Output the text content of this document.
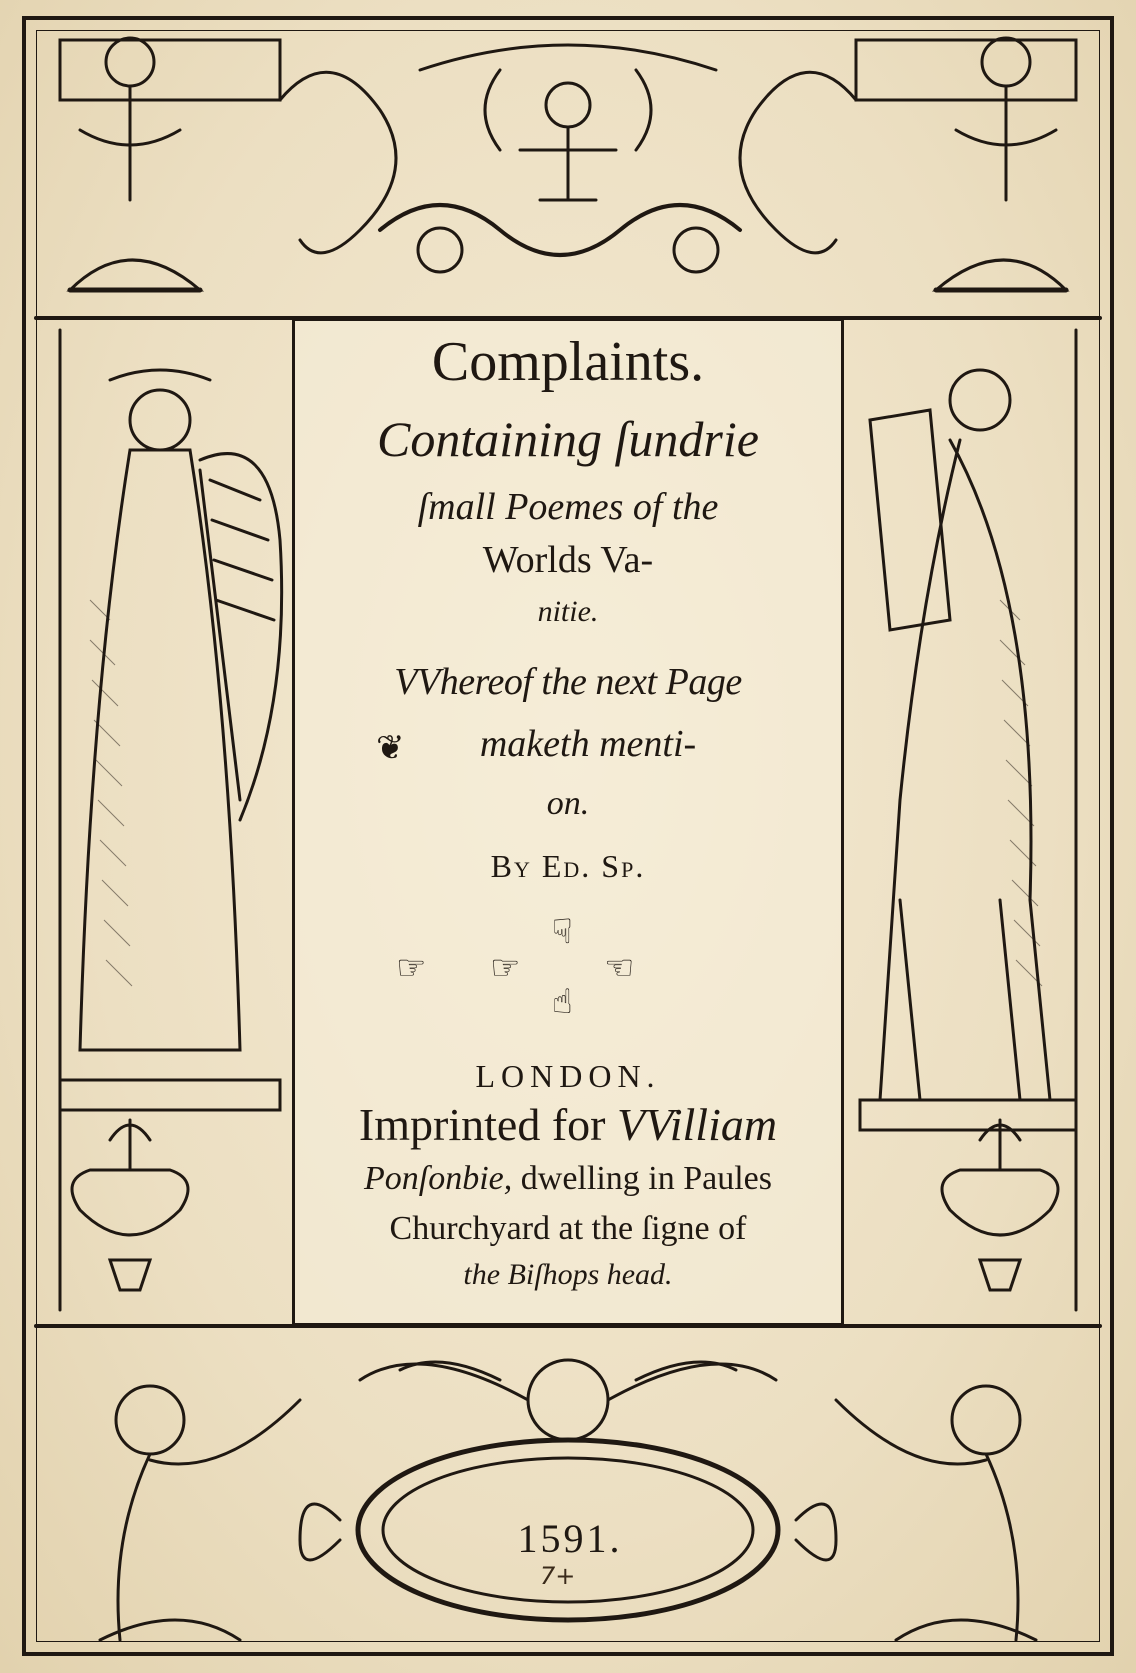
Complaints.

Containing ſundrie

ſmall Poemes of the

Worlds Va-

nitie.

VVhereof the next Page

❦	maketh menti-

on.

By Ed. Sp.

☟
☞ ☞ ☜
☝

LONDON.

Imprinted for VVilliam

Ponſonbie, dwelling in Paules

Churchyard at the ſigne of

the Biſhops head.

1591.
7+
